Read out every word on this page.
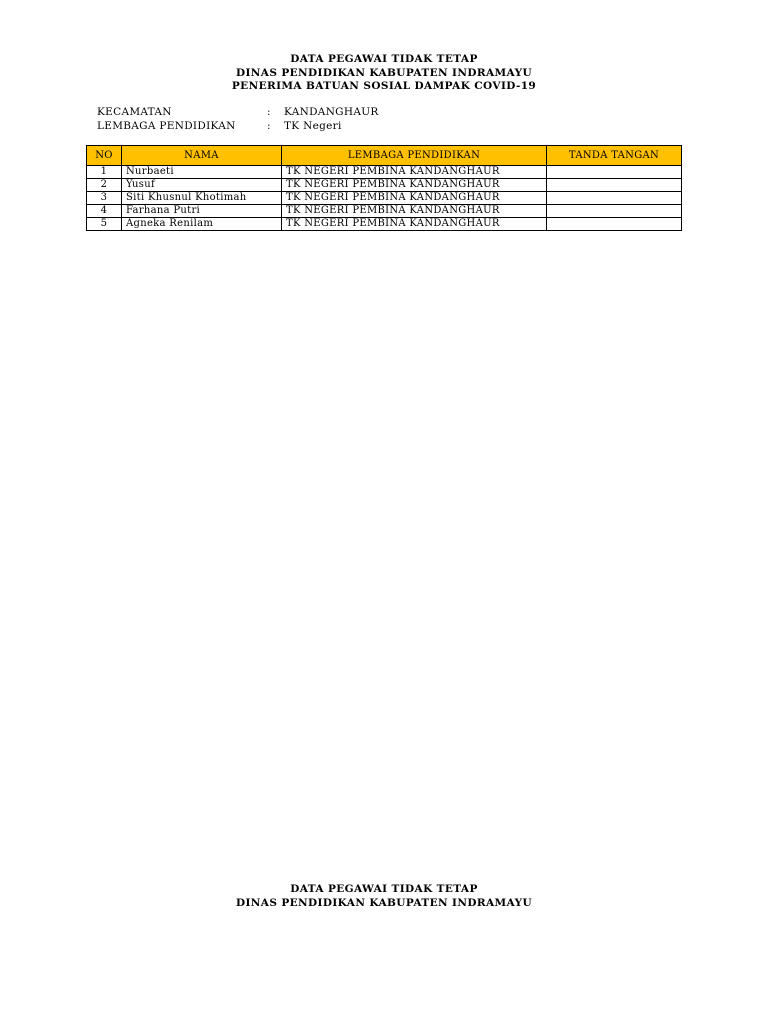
DATA PEGAWAI TIDAK TETAP
DINAS PENDIDIKAN KABUPATEN INDRAMAYU
PENERIMA BATUAN SOSIAL DAMPAK COVID-19
KECAMATAN	: KANDANGHAUR
LEMBAGA PENDIDIKAN	: TK Negeri
NO	NAMA	LEMBAGA PENDIDIKAN	TANDA TANGAN
1	Nurbaeti	TK NEGERI PEMBINA KANDANGHAUR	
2	Yusuf	TK NEGERI PEMBINA KANDANGHAUR	
3	Siti Khusnul Khotimah	TK NEGERI PEMBINA KANDANGHAUR	
4	Farhana Putri	TK NEGERI PEMBINA KANDANGHAUR	
5	Agneka Renilam	TK NEGERI PEMBINA KANDANGHAUR	
DATA PEGAWAI TIDAK TETAP
DINAS PENDIDIKAN KABUPATEN INDRAMAYU
